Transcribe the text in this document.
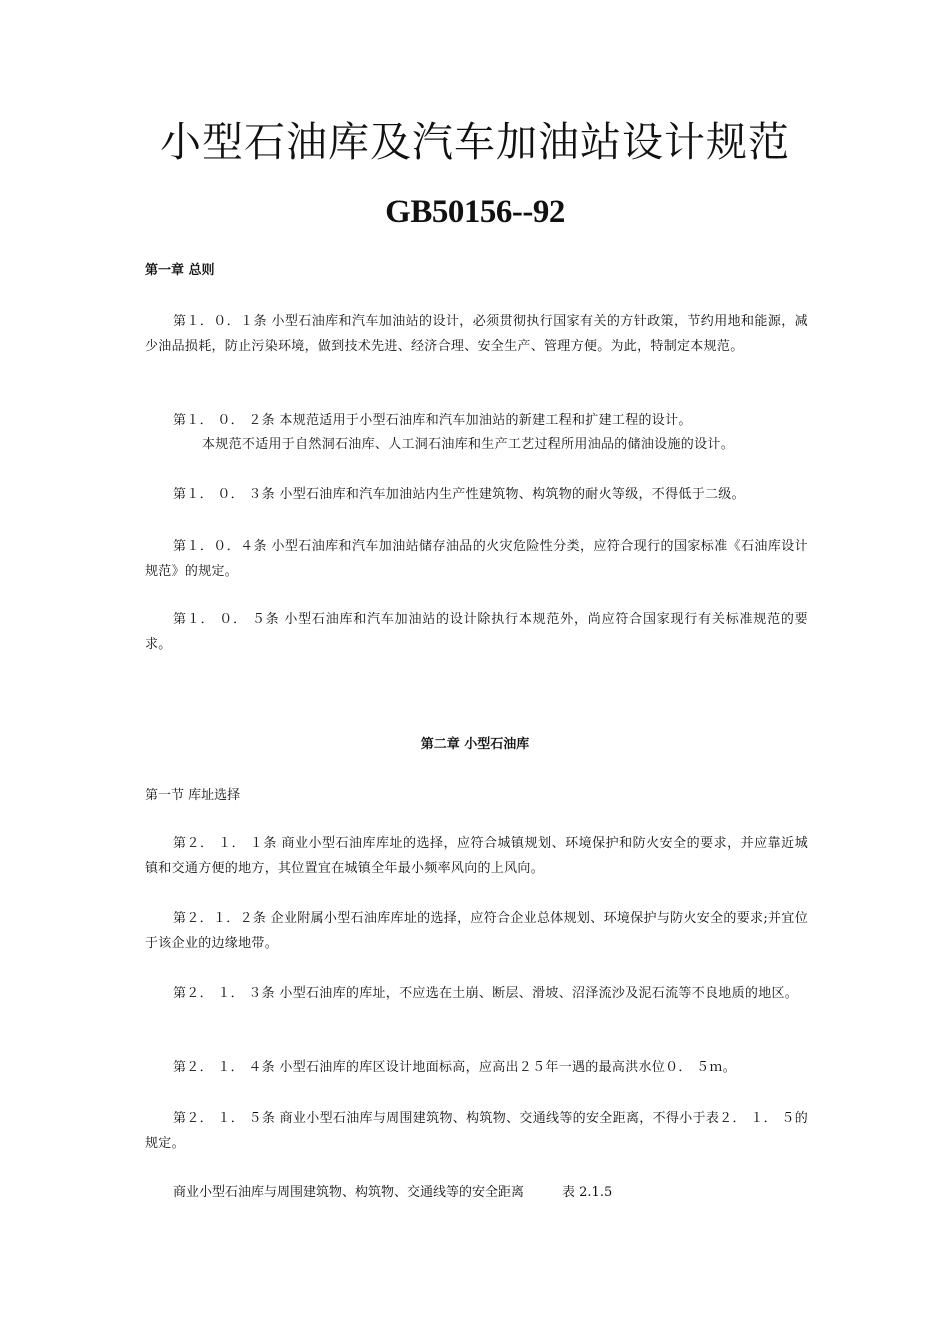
小型石油库及汽车加油站设计规范
GB50156--92
第一章 总则
第１．０．１条 小型石油库和汽车加油站的设计，必须贯彻执行国家有关的方针政策，节约用地和能源，减少油品损耗，防止污染环境，做到技术先进、经济合理、安全生产、管理方便。为此，特制定本规范。
第１． ０． ２条 本规范适用于小型石油库和汽车加油站的新建工程和扩建工程的设计。
本规范不适用于自然洞石油库、人工洞石油库和生产工艺过程所用油品的储油设施的设计。
第１． ０． ３条 小型石油库和汽车加油站内生产性建筑物、构筑物的耐火等级，不得低于二级。
第１．０．４条 小型石油库和汽车加油站储存油品的火灾危险性分类，应符合现行的国家标准《石油库设计规范》的规定。
第１． ０． ５条 小型石油库和汽车加油站的设计除执行本规范外，尚应符合国家现行有关标准规范的要求。
第二章 小型石油库
第一节 库址选择
第２． １． １条 商业小型石油库库址的选择，应符合城镇规划、环境保护和防火安全的要求，并应靠近城镇和交通方便的地方，其位置宜在城镇全年最小频率风向的上风向。
第２．１．２条 企业附属小型石油库库址的选择，应符合企业总体规划、环境保护与防火安全的要求;并宜位于该企业的边缘地带。
第２． １． ３条 小型石油库的库址，不应选在土崩、断层、滑坡、沼泽流沙及泥石流等不良地质的地区。
第２． １． ４条 小型石油库的库区设计地面标高，应高出２５年一遇的最高洪水位０． ５ｍ。
第２． １． ５条 商业小型石油库与周围建筑物、构筑物、交通线等的安全距离，不得小于表２． １． ５的规定。
商业小型石油库与周围建筑物、构筑物、交通线等的安全距离	表 2.1.5
